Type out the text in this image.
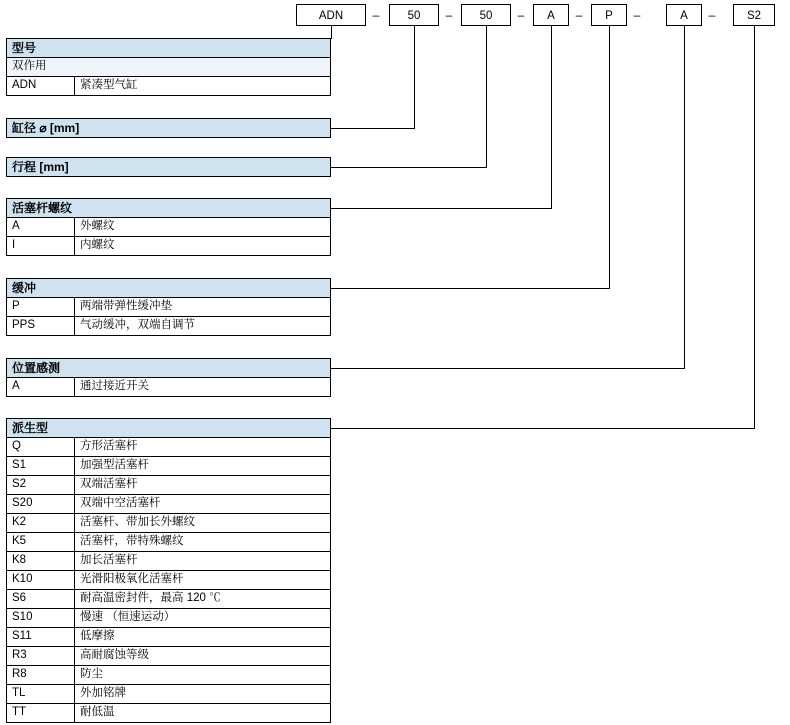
ADN	–	50	–	50	–	A	–	P	–	A	–	S2
型号
双作用
ADN	紧凑型气缸
缸径 ⌀ [mm]
行程 [mm]
活塞杆螺纹
A	外螺纹
I	内螺纹
缓冲
P	两端带弹性缓冲垫
PPS	气动缓冲，双端自调节
位置感测
A	通过接近开关
派生型
Q	方形活塞杆
S1	加强型活塞杆
S2	双端活塞杆
S20	双端中空活塞杆
K2	活塞杆、带加长外螺纹
K5	活塞杆，带特殊螺纹
K8	加长活塞杆
K10	光滑阳极氧化活塞杆
S6	耐高温密封件，最高 120 ℃
S10	慢速 （恒速运动）
S11	低摩擦
R3	高耐腐蚀等级
R8	防尘
TL	外加铭牌
TT	耐低温
